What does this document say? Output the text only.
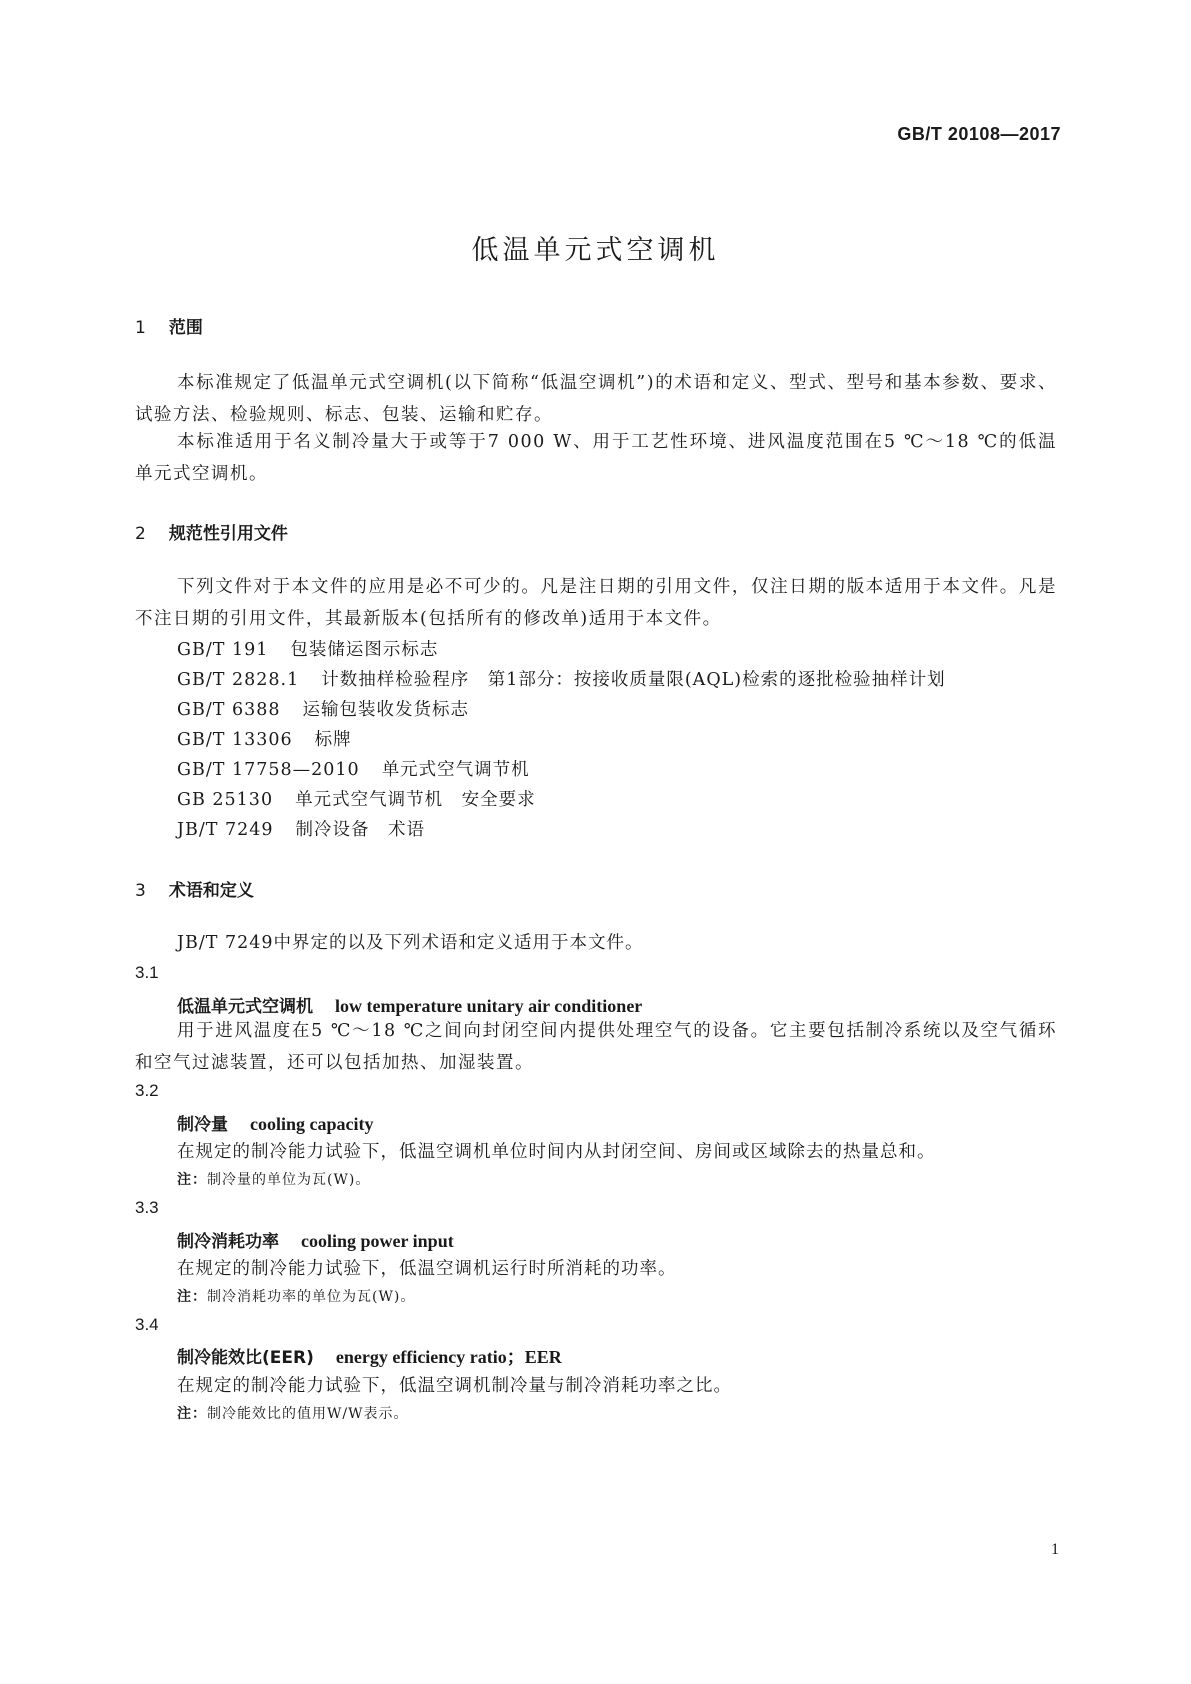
GB/T 20108—2017
低温单元式空调机
1 范围
本标准规定了低温单元式空调机(以下简称“低温空调机”)的术语和定义、型式、型号和基本参数、要求、试验方法、检验规则、标志、包装、运输和贮存。
本标准适用于名义制冷量大于或等于7 000 W、用于工艺性环境、进风温度范围在5 ℃～18 ℃的低温单元式空调机。
2 规范性引用文件
下列文件对于本文件的应用是必不可少的。凡是注日期的引用文件，仅注日期的版本适用于本文件。凡是不注日期的引用文件，其最新版本(包括所有的修改单)适用于本文件。
GB/T 191 包装储运图示标志
GB/T 2828.1 计数抽样检验程序　第1部分：按接收质量限(AQL)检索的逐批检验抽样计划
GB/T 6388 运输包装收发货标志
GB/T 13306 标牌
GB/T 17758—2010 单元式空气调节机
GB 25130 单元式空气调节机　安全要求
JB/T 7249 制冷设备　术语
3 术语和定义
JB/T 7249中界定的以及下列术语和定义适用于本文件。
3.1
低温单元式空调机 low temperature unitary air conditioner
用于进风温度在5 ℃～18 ℃之间向封闭空间内提供处理空气的设备。它主要包括制冷系统以及空气循环和空气过滤装置，还可以包括加热、加湿装置。
3.2
制冷量 cooling capacity
在规定的制冷能力试验下，低温空调机单位时间内从封闭空间、房间或区域除去的热量总和。
注：制冷量的单位为瓦(W)。
3.3
制冷消耗功率 cooling power input
在规定的制冷能力试验下，低温空调机运行时所消耗的功率。
注：制冷消耗功率的单位为瓦(W)。
3.4
制冷能效比(EER) energy efficiency ratio；EER
在规定的制冷能力试验下，低温空调机制冷量与制冷消耗功率之比。
注：制冷能效比的值用W/W表示。
1
